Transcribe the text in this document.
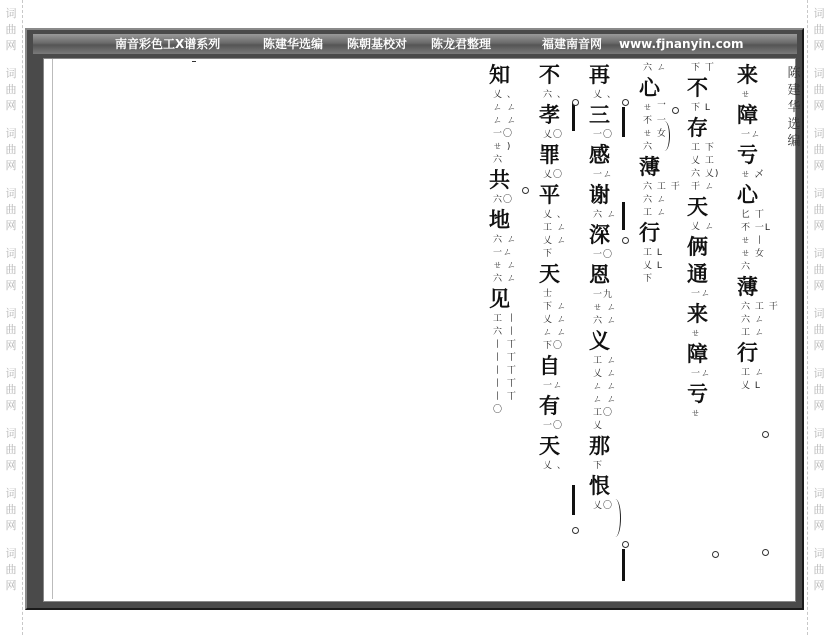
词
曲
网
词
曲
网
词
曲
网
词
曲
网
词
曲
网
词
曲
网
词
曲
网
词
曲
网
词
曲
网
词
曲
网
词
曲
网
词
曲
网
词
曲
网
词
曲
网
词
曲
网
词
曲
网
词
曲
网
词
曲
网
词
曲
网
词
曲
网
南音彩色工X谱系列	陈建华选编 陈朝基校对 陈龙君整理	福建南音网 www.fjnanyin.com
陈
建
华
选
编
来
ㄝ
障
一ㄥ
亏
ㄝ 乄
心
匕 丅
不 一L
ㄝ 丨
ㄝ 女
六
薄
六 工 干
六 ㄥ
工 ㄥ
行
工 ㄥ
乂 L
下 丅
不
下 L
存
工 下
乂 工
六 乂)
干 ㄥ
天
乂 ㄥ
俩
通
一ㄥ
来
ㄝ
障
一ㄥ
亏
ㄝ
六 ㄥ
心
ㄝ 乛
不 一
ㄝ 女
六
薄
六 工 干
六 ㄥ
工 ㄥ
行
工 L
乂 L
下
再
乂 、
三
一〇
感
一ㄥ
谢
六 ㄥ
深
一〇
恩
一九
ㄝ ㄥ
六 ㄥ
义
工 ㄥ
乂 ㄥ
ㄥ ㄥ
ㄥ ㄥ
工〇
乂
那
下
恨
乂〇
不
六 、
孝
乂〇
罪
乂〇
平
乂 、
工 ㄥ
乂 ㄥ
下
天
士
下 ㄥ
乂 ㄥ
ㄥ ㄥ
下〇
自
一ㄥ
有
一〇
天
乂 、
知
乂 、
ㄥ ㄥ
ㄥ ㄥ
一〇
ㄝ )
六
共
六〇
地
六 ㄥ
一ㄥ
ㄝ ㄥ
六 ㄥ
见
工 丨
六 丨
丨 丅
丨 丅
丨 丅
丨 丅
丨 丅
〇
